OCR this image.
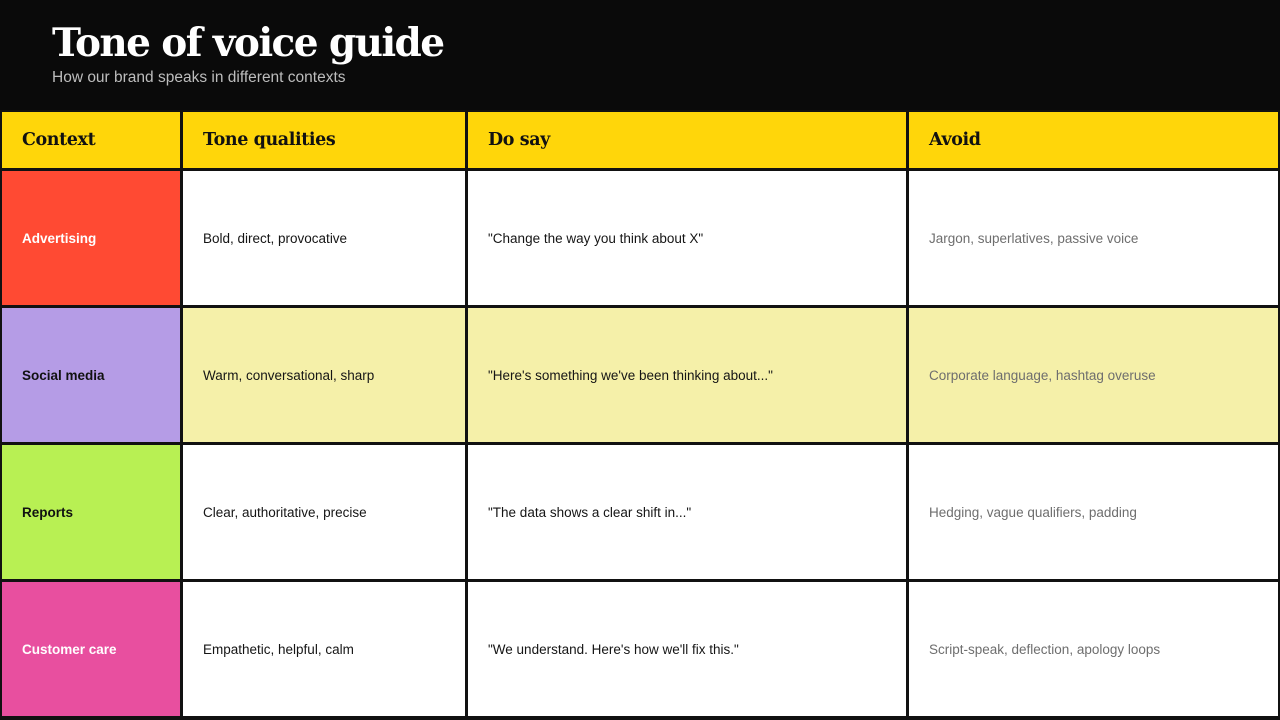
Tone of voice guide

How our brand speaks in different contexts

Context	Tone qualities	Do say	Avoid
Advertising	Bold, direct, provocative	"Change the way you think about X"	Jargon, superlatives, passive voice
Social media	Warm, conversational, sharp	"Here's something we've been thinking about..."	Corporate language, hashtag overuse
Reports	Clear, authoritative, precise	"The data shows a clear shift in..."	Hedging, vague qualifiers, padding
Customer care	Empathetic, helpful, calm	"We understand. Here's how we'll fix this."	Script-speak, deflection, apology loops
